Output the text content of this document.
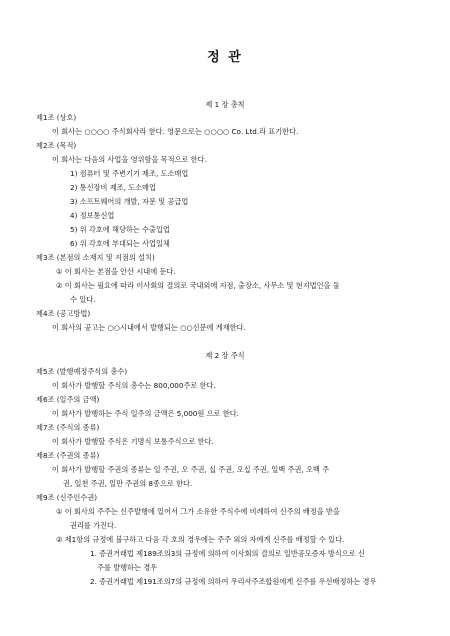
정 관
제 1 장 총칙
제1조 (상호)
이 회사는 ○○○○ 주식회사라 한다. 영문으로는 ○○○○ Co. Ltd.라 표기한다.
제2조 (목적)
이 회사는 다음의 사업을 영위함을 목적으로 한다.
1) 컴퓨터 및 주변기기 제조, 도소매업
2) 통신장비 제조, 도소매업
3) 소프트웨어의 개발, 자문 및 공급업
4) 정보통신업
5) 위 각호에 해당하는 수출입업
6) 위 각호에 부대되는 사업일체
제3조 (본점의 소재지 및 지점의 설치)
① 이 회사는 본점을 안산 시내에 둔다.
② 이 회사는 필요에 따라 이사회의 결의로 국내외에 지점, 출장소, 사무소 및 현지법인을 둘
수 있다.
제4조 (공고방법)
이 회사의 공고는 ○○시내에서 발행되는 ○○신문에 게재한다.
제 2 장 주식
제5조 (발행예정주식의 총수)
이 회사가 발행할 주식의 총수는 800,000주로 한다.
제6조 (일주의 금액)
이 회사가 발행하는 주식 일주의 금액은 5,000원 으로 한다.
제7조 (주식의 종류)
이 회사가 발행할 주식은 기명식 보통주식으로 한다.
제8조 (주권의 종류)
이 회사가 발행할 주권의 종류는 일 주권, 오 주권, 십 주권, 오십 주권, 일백 주권, 오백 주
권, 일천 주권, 일만 주권의 8종으로 한다.
제9조 (신주인수권)
① 이 회사의 주주는 신주발행에 있어서 그가 소유한 주식수에 비례하여 신주의 배정을 받을
권리를 가진다.
② 제1항의 규정에 불구하고 다음 각 호의 경우에는 주주 외의 자에게 신주를 배정할 수 있다.
1. 증권거래법 제189조의3의 규정에 의하여 이사회의 결의로 일반공모증자 방식으로 신
주를 발행하는 경우
2. 증권거래법 제191조의7의 규정에 의하여 우리사주조합원에게 신주를 우선배정하는 경우
